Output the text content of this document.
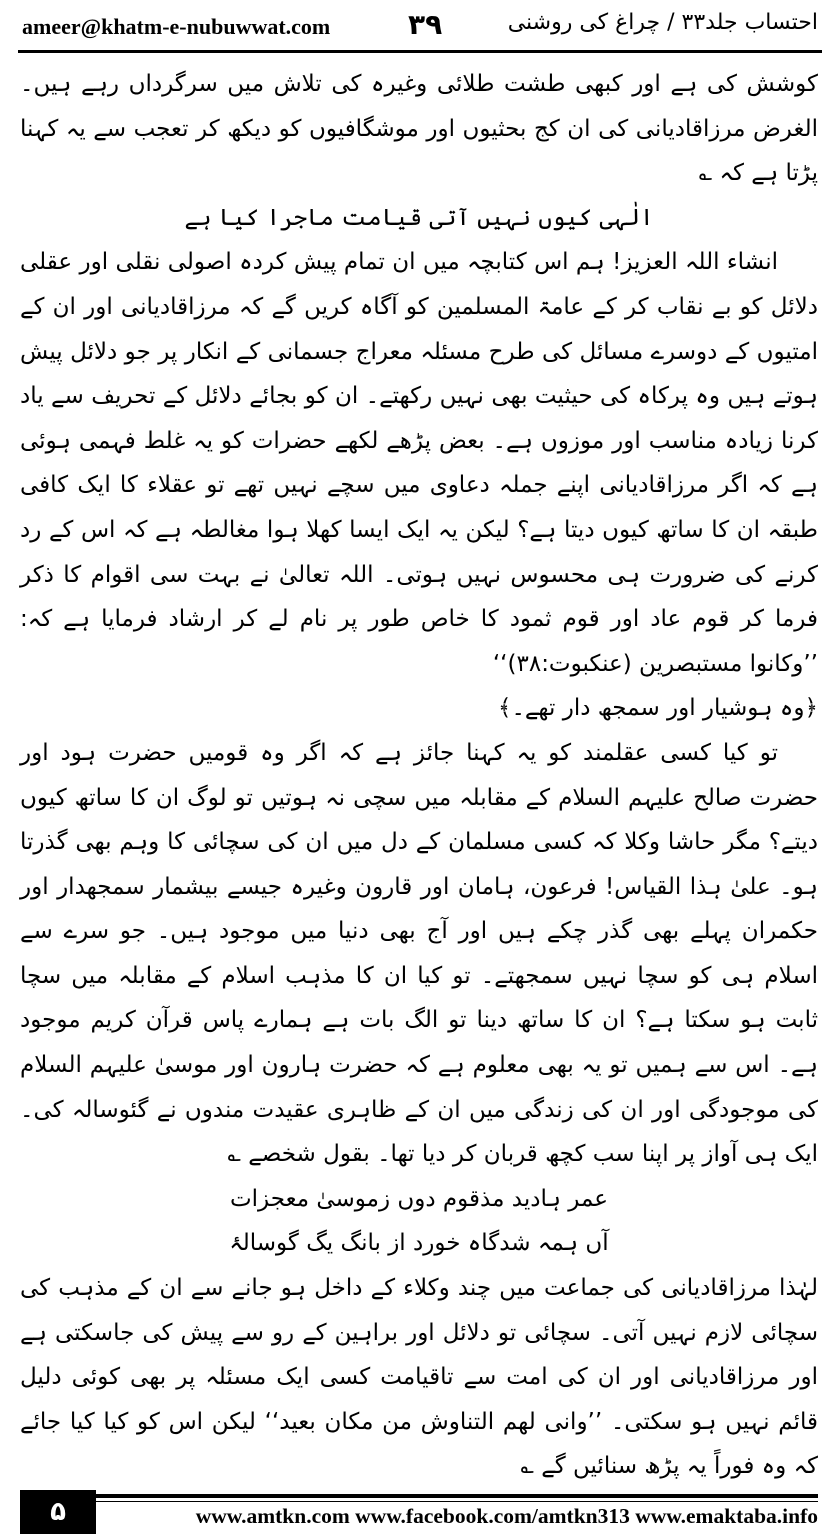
ameer@khatm-e-nubuwwat.com	۳۹	احتساب جلد۳۳ / چراغ کی روشنی

کوشش کی ہے اور کبھی طشت طلائی وغیرہ کی تلاش میں سرگرداں رہے ہیں۔ الغرض مرزاقادیانی کی ان کج بحثیوں اور موشگافیوں کو دیکھ کر تعجب سے یہ کہنا پڑتا ہے کہ ؎

الٰہی کیوں نہیں آتی قیامت ماجرا کیا ہے

انشاء اللہ العزیز! ہم اس کتابچہ میں ان تمام پیش کردہ اصولی نقلی اور عقلی دلائل کو بے نقاب کر کے عامۃ المسلمین کو آگاہ کریں گے کہ مرزاقادیانی اور ان کے امتیوں کے دوسرے مسائل کی طرح مسئلہ معراج جسمانی کے انکار پر جو دلائل پیش ہوتے ہیں وہ پرکاہ کی حیثیت بھی نہیں رکھتے۔ ان کو بجائے دلائل کے تحریف سے یاد کرنا زیادہ مناسب اور موزوں ہے۔ بعض پڑھے لکھے حضرات کو یہ غلط فہمی ہوئی ہے کہ اگر مرزاقادیانی اپنے جملہ دعاوی میں سچے نہیں تھے تو عقلاء کا ایک کافی طبقہ ان کا ساتھ کیوں دیتا ہے؟ لیکن یہ ایک ایسا کھلا ہوا مغالطہ ہے کہ اس کے رد کرنے کی ضرورت ہی محسوس نہیں ہوتی۔ اللہ تعالیٰ نے بہت سی اقوام کا ذکر فرما کر قوم عاد اور قوم ثمود کا خاص طور پر نام لے کر ارشاد فرمایا ہے کہ: ’’وکانوا مستبصرین (عنکبوت:۳۸)‘‘

﴿وہ ہوشیار اور سمجھ دار تھے۔﴾

تو کیا کسی عقلمند کو یہ کہنا جائز ہے کہ اگر وہ قومیں حضرت ہود اور حضرت صالح علیہم السلام کے مقابلہ میں سچی نہ ہوتیں تو لوگ ان کا ساتھ کیوں دیتے؟ مگر حاشا وکلا کہ کسی مسلمان کے دل میں ان کی سچائی کا وہم بھی گذرتا ہو۔ علیٰ ہذا القیاس! فرعون، ہامان اور قارون وغیرہ جیسے بیشمار سمجھدار اور حکمران پہلے بھی گذر چکے ہیں اور آج بھی دنیا میں موجود ہیں۔ جو سرے سے اسلام ہی کو سچا نہیں سمجھتے۔ تو کیا ان کا مذہب اسلام کے مقابلہ میں سچا ثابت ہو سکتا ہے؟ ان کا ساتھ دینا تو الگ بات ہے ہمارے پاس قرآن کریم موجود ہے۔ اس سے ہمیں تو یہ بھی معلوم ہے کہ حضرت ہارون اور موسیٰ علیہم السلام کی موجودگی اور ان کی زندگی میں ان کے ظاہری عقیدت مندوں نے گئوسالہ کی۔ ایک ہی آواز پر اپنا سب کچھ قربان کر دیا تھا۔ بقول شخصے ؎

عمر ہادید مذقوم دوں زموسیٰ معجزات

آں ہمہ شدگاہ خورد از بانگ یگ گوسالۂ

لہٰذا مرزاقادیانی کی جماعت میں چند وکلاء کے داخل ہو جانے سے ان کے مذہب کی سچائی لازم نہیں آتی۔ سچائی تو دلائل اور براہین کے رو سے پیش کی جاسکتی ہے اور مرزاقادیانی اور ان کی امت سے تاقیامت کسی ایک مسئلہ پر بھی کوئی دلیل قائم نہیں ہو سکتی۔ ’’وانی لھم التناوش من مکان بعید‘‘ لیکن اس کو کیا کیا جائے کہ وہ فوراً یہ پڑھ سنائیں گے ؎

۵	www.amtkn.com www.facebook.com/amtkn313 www.emaktaba.info
